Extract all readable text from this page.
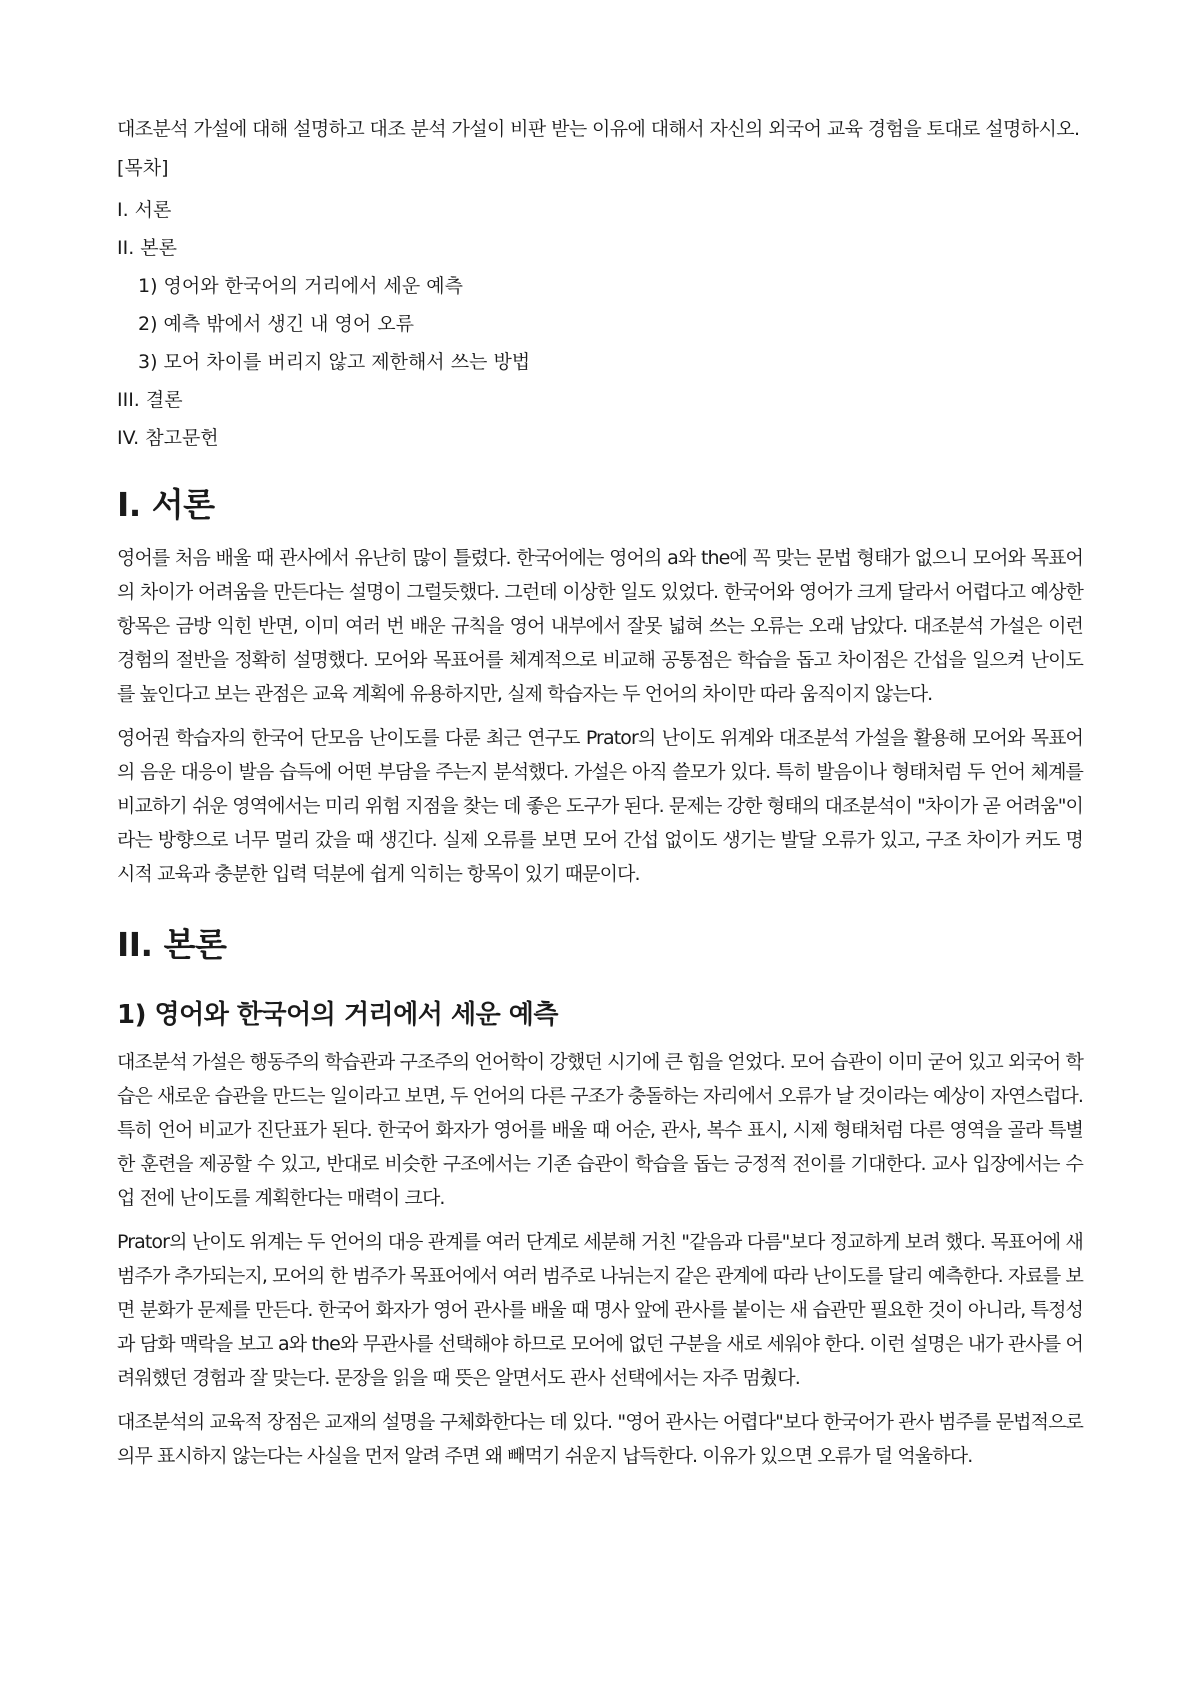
대조분석 가설에 대해 설명하고 대조 분석 가설이 비판 받는 이유에 대해서 자신의 외국어 교육 경험을 토대로 설명하시오.

[목차]
I. 서론
II. 본론
1) 영어와 한국어의 거리에서 세운 예측
2) 예측 밖에서 생긴 내 영어 오류
3) 모어 차이를 버리지 않고 제한해서 쓰는 방법
III. 결론
IV. 참고문헌
I. 서론

영어를 처음 배울 때 관사에서 유난히 많이 틀렸다. 한국어에는 영어의 a와 the에 꼭 맞는 문법 형태가 없으니 모어와 목표어의 차이가 어려움을 만든다는 설명이 그럴듯했다. 그런데 이상한 일도 있었다. 한국어와 영어가 크게 달라서 어렵다고 예상한 항목은 금방 익힌 반면, 이미 여러 번 배운 규칙을 영어 내부에서 잘못 넓혀 쓰는 오류는 오래 남았다. 대조분석 가설은 이런 경험의 절반을 정확히 설명했다. 모어와 목표어를 체계적으로 비교해 공통점은 학습을 돕고 차이점은 간섭을 일으켜 난이도를 높인다고 보는 관점은 교육 계획에 유용하지만, 실제 학습자는 두 언어의 차이만 따라 움직이지 않는다.

영어권 학습자의 한국어 단모음 난이도를 다룬 최근 연구도 Prator의 난이도 위계와 대조분석 가설을 활용해 모어와 목표어의 음운 대응이 발음 습득에 어떤 부담을 주는지 분석했다. 가설은 아직 쓸모가 있다. 특히 발음이나 형태처럼 두 언어 체계를 비교하기 쉬운 영역에서는 미리 위험 지점을 찾는 데 좋은 도구가 된다. 문제는 강한 형태의 대조분석이 "차이가 곧 어려움"이라는 방향으로 너무 멀리 갔을 때 생긴다. 실제 오류를 보면 모어 간섭 없이도 생기는 발달 오류가 있고, 구조 차이가 커도 명시적 교육과 충분한 입력 덕분에 쉽게 익히는 항목이 있기 때문이다.

II. 본론
1) 영어와 한국어의 거리에서 세운 예측

대조분석 가설은 행동주의 학습관과 구조주의 언어학이 강했던 시기에 큰 힘을 얻었다. 모어 습관이 이미 굳어 있고 외국어 학습은 새로운 습관을 만드는 일이라고 보면, 두 언어의 다른 구조가 충돌하는 자리에서 오류가 날 것이라는 예상이 자연스럽다. 특히 언어 비교가 진단표가 된다. 한국어 화자가 영어를 배울 때 어순, 관사, 복수 표시, 시제 형태처럼 다른 영역을 골라 특별한 훈련을 제공할 수 있고, 반대로 비슷한 구조에서는 기존 습관이 학습을 돕는 긍정적 전이를 기대한다. 교사 입장에서는 수업 전에 난이도를 계획한다는 매력이 크다.

Prator의 난이도 위계는 두 언어의 대응 관계를 여러 단계로 세분해 거친 "같음과 다름"보다 정교하게 보려 했다. 목표어에 새 범주가 추가되는지, 모어의 한 범주가 목표어에서 여러 범주로 나뉘는지 같은 관계에 따라 난이도를 달리 예측한다. 자료를 보면 분화가 문제를 만든다. 한국어 화자가 영어 관사를 배울 때 명사 앞에 관사를 붙이는 새 습관만 필요한 것이 아니라, 특정성과 담화 맥락을 보고 a와 the와 무관사를 선택해야 하므로 모어에 없던 구분을 새로 세워야 한다. 이런 설명은 내가 관사를 어려워했던 경험과 잘 맞는다. 문장을 읽을 때 뜻은 알면서도 관사 선택에서는 자주 멈췄다.

대조분석의 교육적 장점은 교재의 설명을 구체화한다는 데 있다. "영어 관사는 어렵다"보다 한국어가 관사 범주를 문법적으로 의무 표시하지 않는다는 사실을 먼저 알려 주면 왜 빼먹기 쉬운지 납득한다. 이유가 있으면 오류가 덜 억울하다.
